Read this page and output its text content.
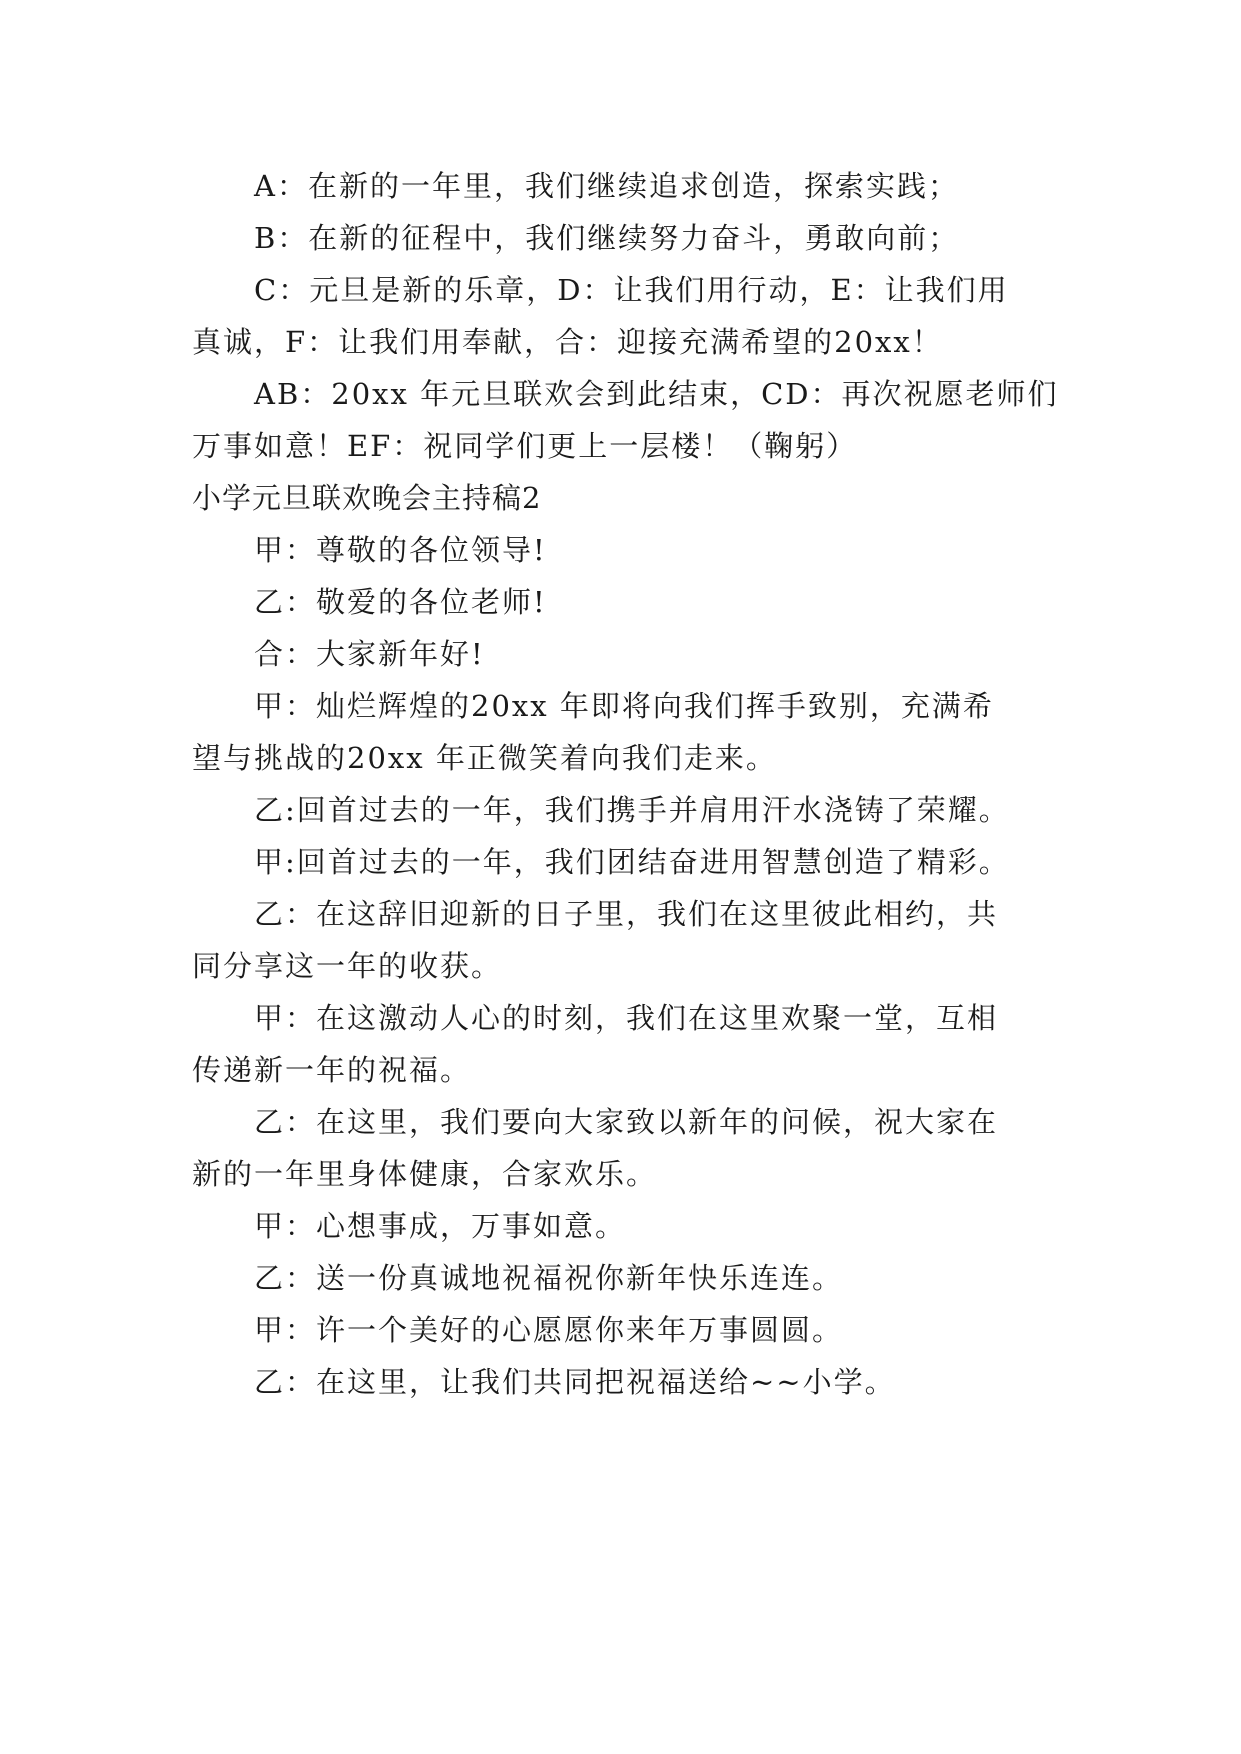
A：在新的一年里，我们继续追求创造，探索实践；
B：在新的征程中，我们继续努力奋斗，勇敢向前；
C：元旦是新的乐章，D：让我们用行动，E：让我们用
真诚，F：让我们用奉献，合：迎接充满希望的20xx！
AB：20xx 年元旦联欢会到此结束，CD：再次祝愿老师们
万事如意！EF：祝同学们更上一层楼！（鞠躬）
小学元旦联欢晚会主持稿2
甲：尊敬的各位领导!
乙：敬爱的各位老师!
合：大家新年好!
甲：灿烂辉煌的20xx 年即将向我们挥手致别，充满希
望与挑战的20xx 年正微笑着向我们走来。
乙:回首过去的一年，我们携手并肩用汗水浇铸了荣耀。
甲:回首过去的一年，我们团结奋进用智慧创造了精彩。
乙：在这辞旧迎新的日子里，我们在这里彼此相约，共
同分享这一年的收获。
甲：在这激动人心的时刻，我们在这里欢聚一堂，互相
传递新一年的祝福。
乙：在这里，我们要向大家致以新年的问候，祝大家在
新的一年里身体健康，合家欢乐。
甲：心想事成，万事如意。
乙：送一份真诚地祝福祝你新年快乐连连。
甲：许一个美好的心愿愿你来年万事圆圆。
乙：在这里，让我们共同把祝福送给~~小学。
